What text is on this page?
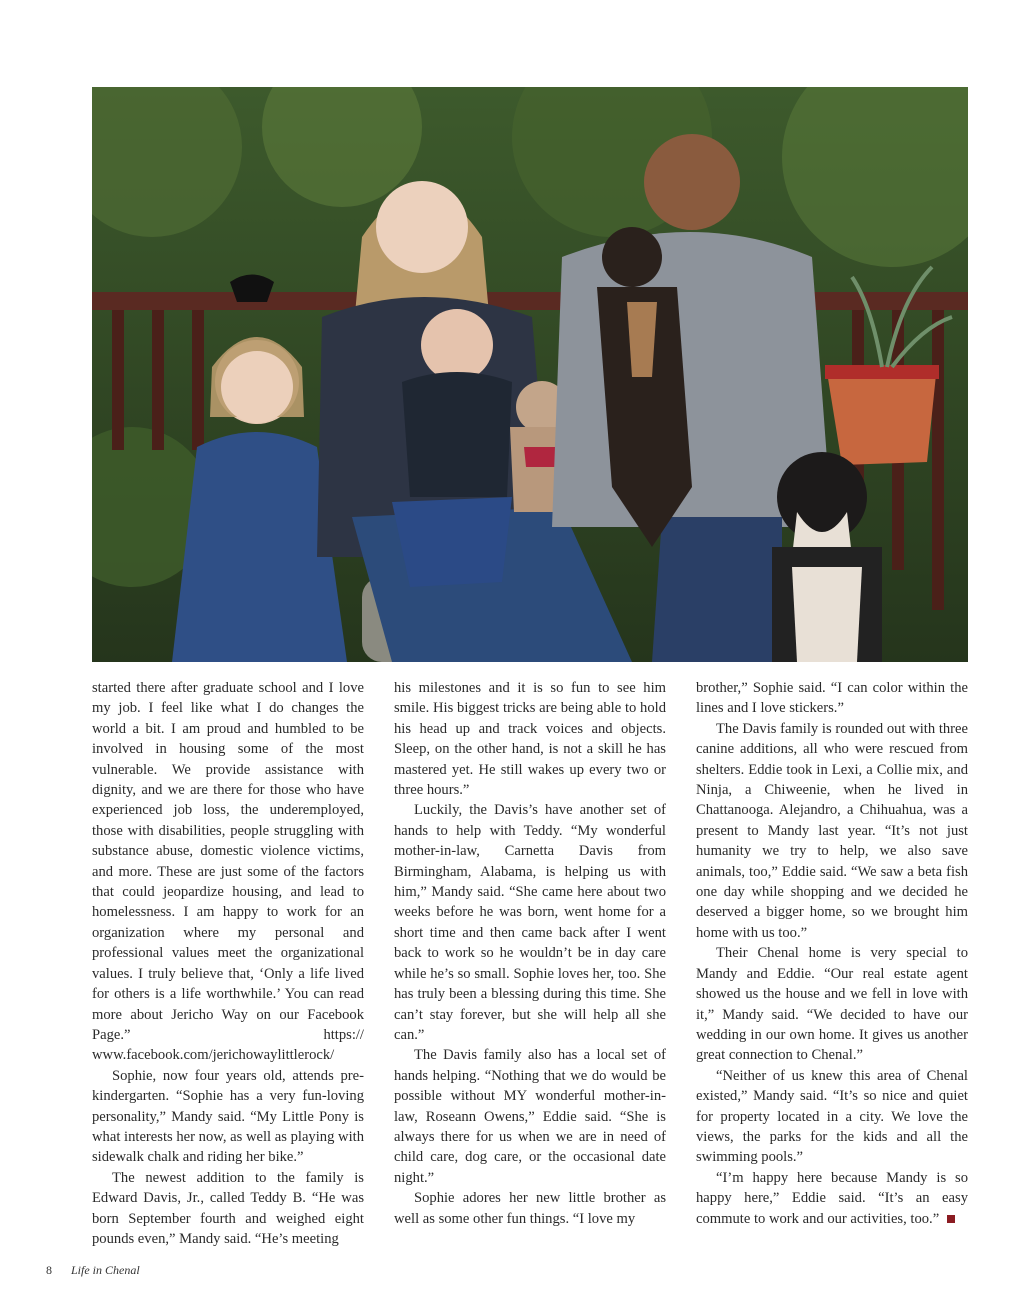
started there after graduate school and I love my job. I feel like what I do changes the world a bit. I am proud and humbled to be involved in housing some of the most vulnerable. We provide assistance with dignity, and we are there for those who have experienced job loss, the underemployed, those with disabilities, people struggling with substance abuse, domestic violence victims, and more. These are just some of the factors that could jeopardize housing, and lead to homelessness. I am happy to work for an organization where my personal and professional values meet the organizational values. I truly believe that, ‘Only a life lived for others is a life worthwhile.’ You can read more about Jericho Way on our Facebook Page.” https:// www.facebook.com/jerichowaylittlerock/

Sophie, now four years old, attends pre-kindergarten. “Sophie has a very fun-loving personality,” Mandy said. “My Little Pony is what interests her now, as well as playing with sidewalk chalk and riding her bike.”

The newest addition to the family is Edward Davis, Jr., called Teddy B. “He was born September fourth and weighed eight pounds even,” Mandy said. “He’s meeting

his milestones and it is so fun to see him smile. His biggest tricks are being able to hold his head up and track voices and objects. Sleep, on the other hand, is not a skill he has mastered yet. He still wakes up every two or three hours.”

Luckily, the Davis’s have another set of hands to help with Teddy. “My wonderful mother-in-law, Carnetta Davis from Birmingham, Alabama, is helping us with him,” Mandy said. “She came here about two weeks before he was born, went home for a short time and then came back after I went back to work so he wouldn’t be in day care while he’s so small. Sophie loves her, too. She has truly been a blessing during this time. She can’t stay forever, but she will help all she can.”

The Davis family also has a local set of hands helping. “Nothing that we do would be possible without MY wonderful mother-in-law, Roseann Owens,” Eddie said. “She is always there for us when we are in need of child care, dog care, or the occasional date night.”

Sophie adores her new little brother as well as some other fun things. “I love my

brother,” Sophie said. “I can color within the lines and I love stickers.”

The Davis family is rounded out with three canine additions, all who were rescued from shelters. Eddie took in Lexi, a Collie mix, and Ninja, a Chiweenie, when he lived in Chattanooga. Alejandro, a Chihuahua, was a present to Mandy last year. “It’s not just humanity we try to help, we also save animals, too,” Eddie said. “We saw a beta fish one day while shopping and we decided he deserved a bigger home, so we brought him home with us too.”

Their Chenal home is very special to Mandy and Eddie. “Our real estate agent showed us the house and we fell in love with it,” Mandy said. “We decided to have our wedding in our own home. It gives us another great connection to Chenal.”

“Neither of us knew this area of Chenal existed,” Mandy said. “It’s so nice and quiet for property located in a city. We love the views, the parks for the kids and all the swimming pools.”

“I’m happy here because Mandy is so happy here,” Eddie said. “It’s an easy commute to work and our activities, too.”

8 Life in Chenal
